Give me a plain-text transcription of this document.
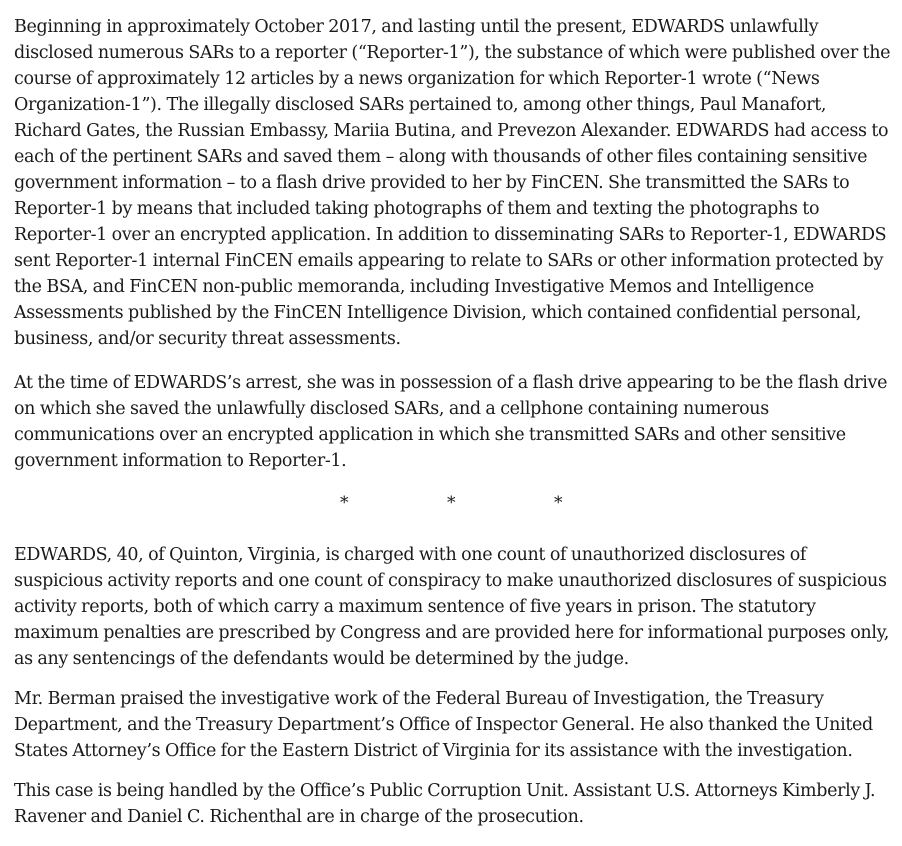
Beginning in approximately October 2017, and lasting until the present, EDWARDS unlawfully disclosed numerous SARs to a reporter (“Reporter-1”), the substance of which were published over the course of approximately 12 articles by a news organization for which Reporter-1 wrote (“News Organization-1”). The illegally disclosed SARs pertained to, among other things, Paul Manafort, Richard Gates, the Russian Embassy, Mariia Butina, and Prevezon Alexander. EDWARDS had access to each of the pertinent SARs and saved them – along with thousands of other files containing sensitive government information – to a flash drive provided to her by FinCEN. She transmitted the SARs to Reporter-1 by means that included taking photographs of them and texting the photographs to Reporter-1 over an encrypted application. In addition to disseminating SARs to Reporter-1, EDWARDS sent Reporter-1 internal FinCEN emails appearing to relate to SARs or other information protected by the BSA, and FinCEN non-public memoranda, including Investigative Memos and Intelligence Assessments published by the FinCEN Intelligence Division, which contained confidential personal, business, and/or security threat assessments.

At the time of EDWARDS’s arrest, she was in possession of a flash drive appearing to be the flash drive on which she saved the unlawfully disclosed SARs, and a cellphone containing numerous communications over an encrypted application in which she transmitted SARs and other sensitive government information to Reporter-1.

*	*	*

EDWARDS, 40, of Quinton, Virginia, is charged with one count of unauthorized disclosures of suspicious activity reports and one count of conspiracy to make unauthorized disclosures of suspicious activity reports, both of which carry a maximum sentence of five years in prison. The statutory maximum penalties are prescribed by Congress and are provided here for informational purposes only, as any sentencings of the defendants would be determined by the judge.

Mr. Berman praised the investigative work of the Federal Bureau of Investigation, the Treasury Department, and the Treasury Department’s Office of Inspector General. He also thanked the United States Attorney’s Office for the Eastern District of Virginia for its assistance with the investigation.

This case is being handled by the Office’s Public Corruption Unit. Assistant U.S. Attorneys Kimberly J. Ravener and Daniel C. Richenthal are in charge of the prosecution.
